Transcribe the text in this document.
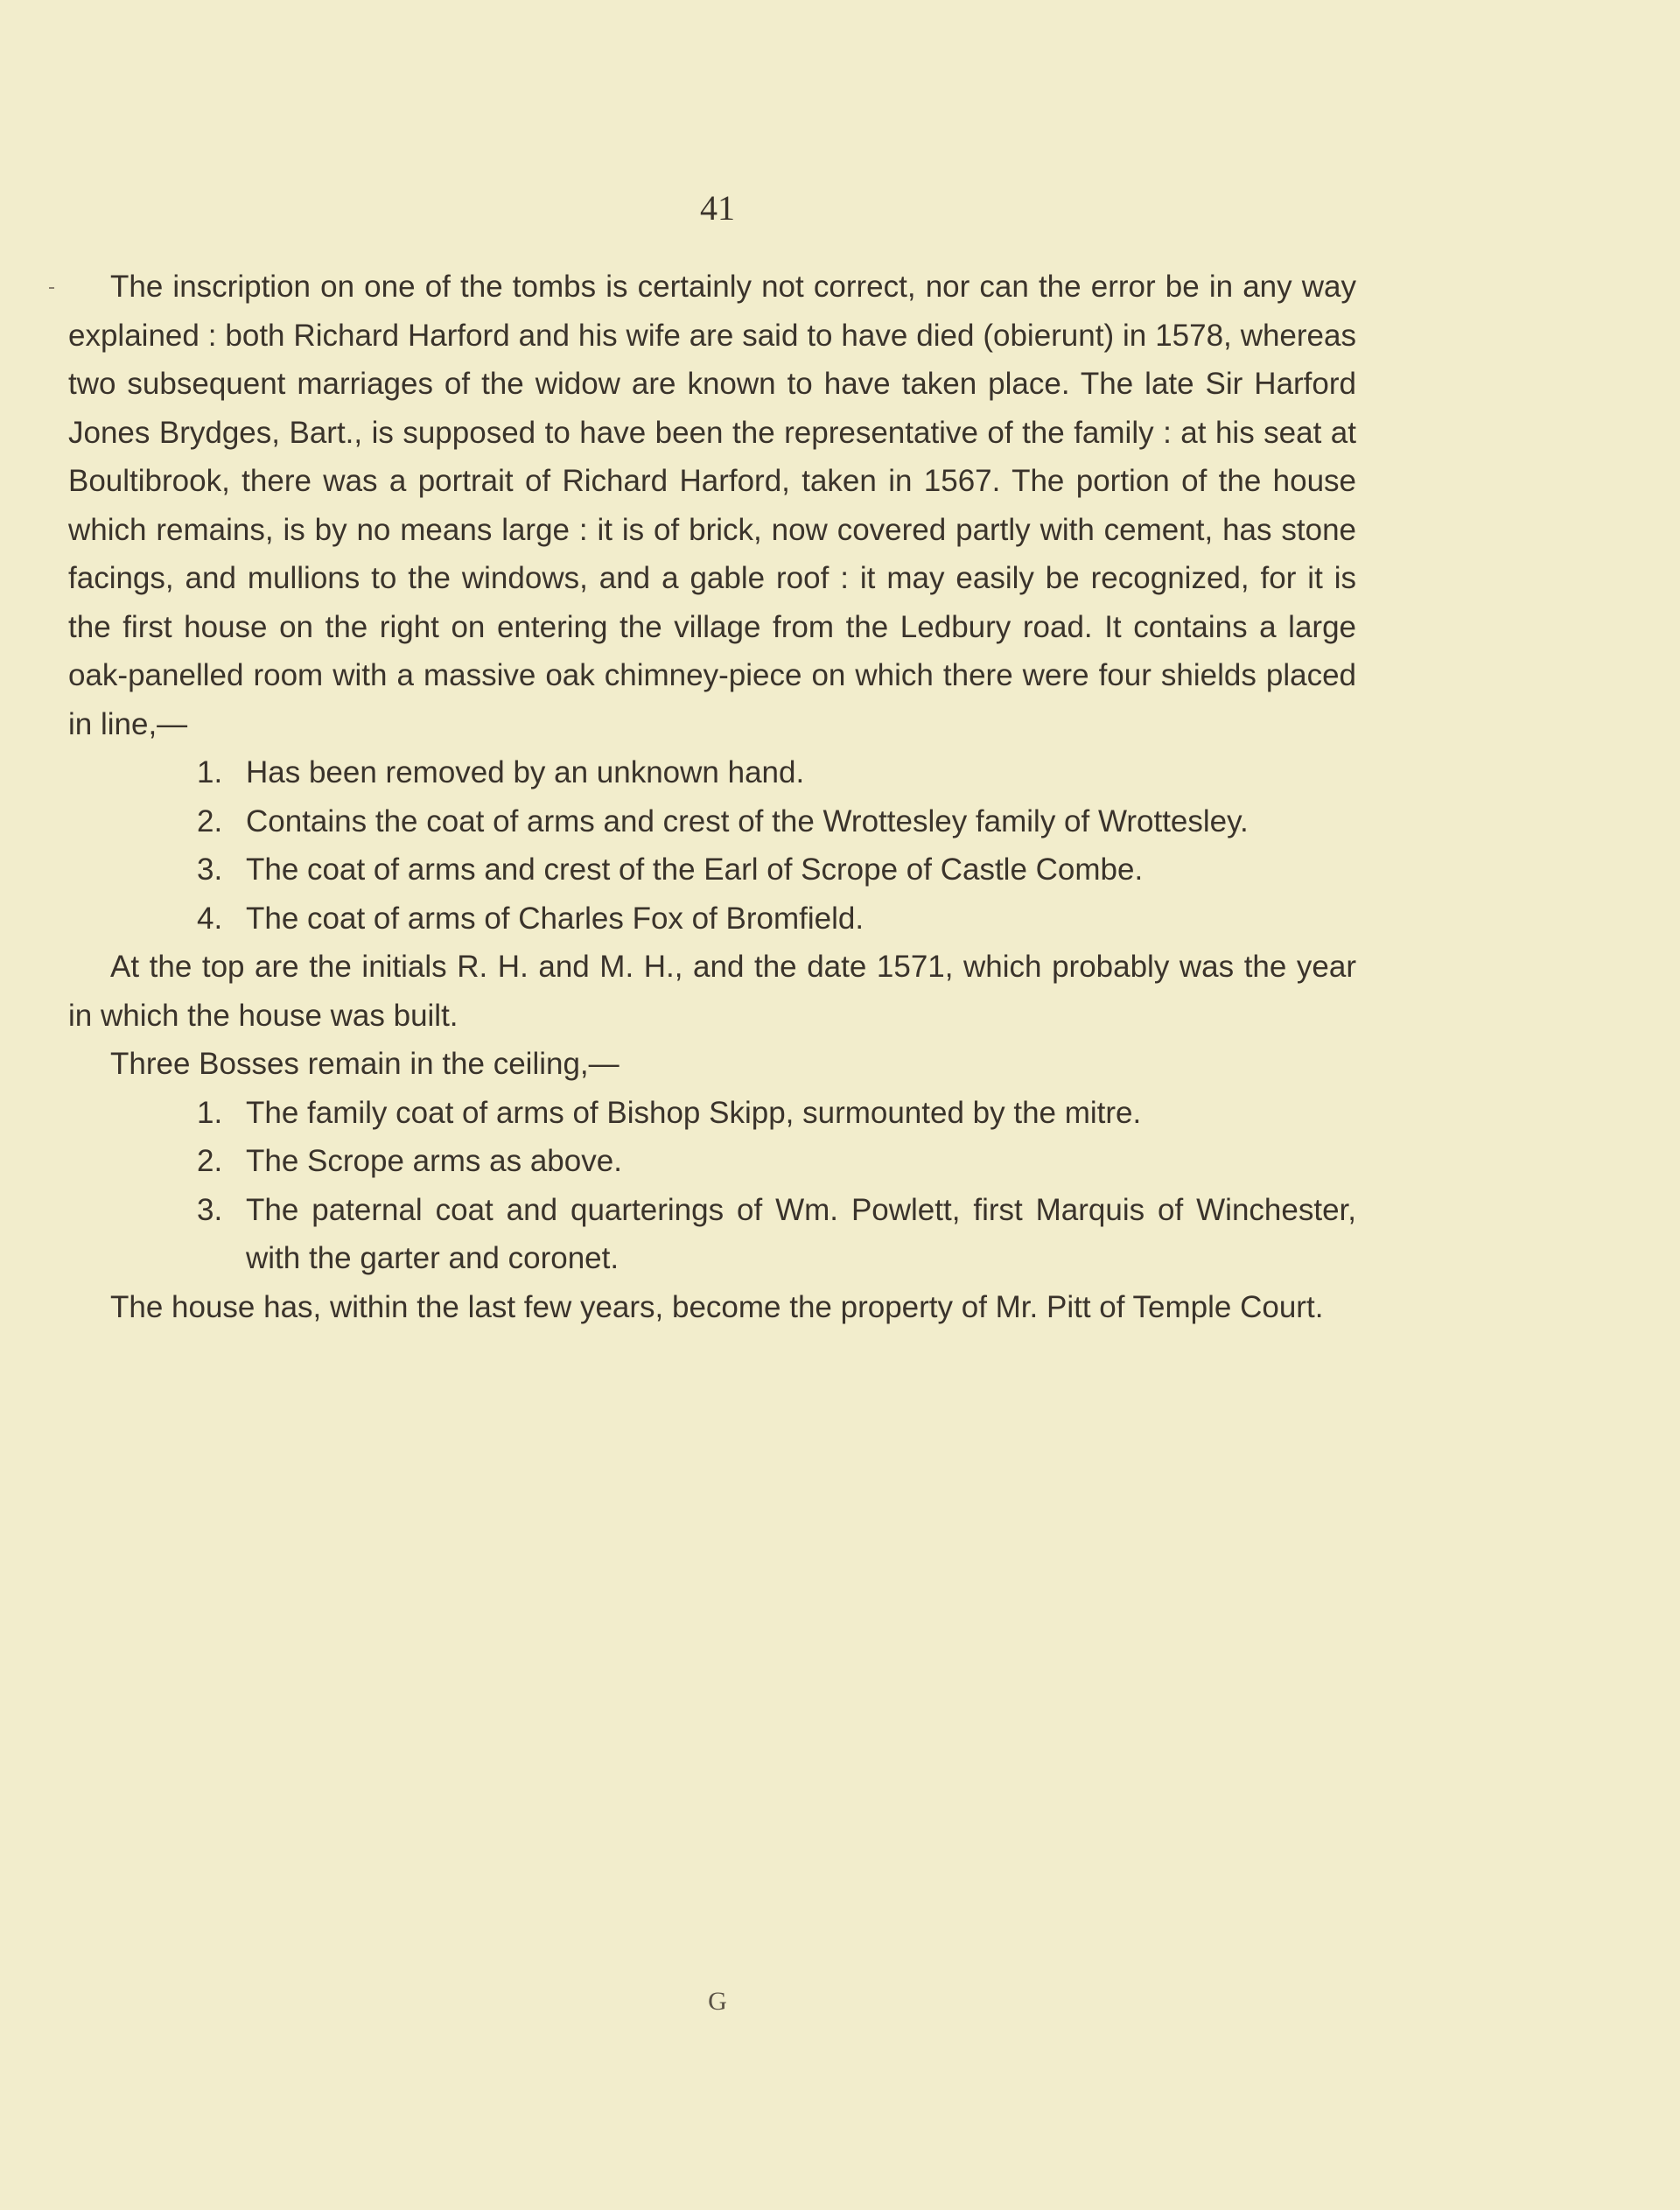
41

The inscription on one of the tombs is certainly not correct, nor can the error be in any way explained : both Richard Harford and his wife are said to have died (obierunt) in 1578, whereas two subsequent marriages of the widow are known to have taken place. The late Sir Harford Jones Brydges, Bart., is supposed to have been the representative of the family : at his seat at Boultibrook, there was a portrait of Richard Harford, taken in 1567. The portion of the house which remains, is by no means large : it is of brick, now covered partly with cement, has stone facings, and mullions to the windows, and a gable roof : it may easily be recognized, for it is the first house on the right on entering the village from the Ledbury road. It contains a large oak-panelled room with a massive oak chimney-piece on which there were four shields placed in line,—

1. Has been removed by an unknown hand.

2. Contains the coat of arms and crest of the Wrottesley family of Wrottesley.

3. The coat of arms and crest of the Earl of Scrope of Castle Combe.

4. The coat of arms of Charles Fox of Bromfield.

At the top are the initials R. H. and M. H., and the date 1571, which probably was the year in which the house was built.

Three Bosses remain in the ceiling,—

1. The family coat of arms of Bishop Skipp, surmounted by the mitre.

2. The Scrope arms as above.

3. The paternal coat and quarterings of Wm. Powlett, first Marquis of Winchester, with the garter and coronet.

The house has, within the last few years, become the property of Mr. Pitt of Temple Court.

G
